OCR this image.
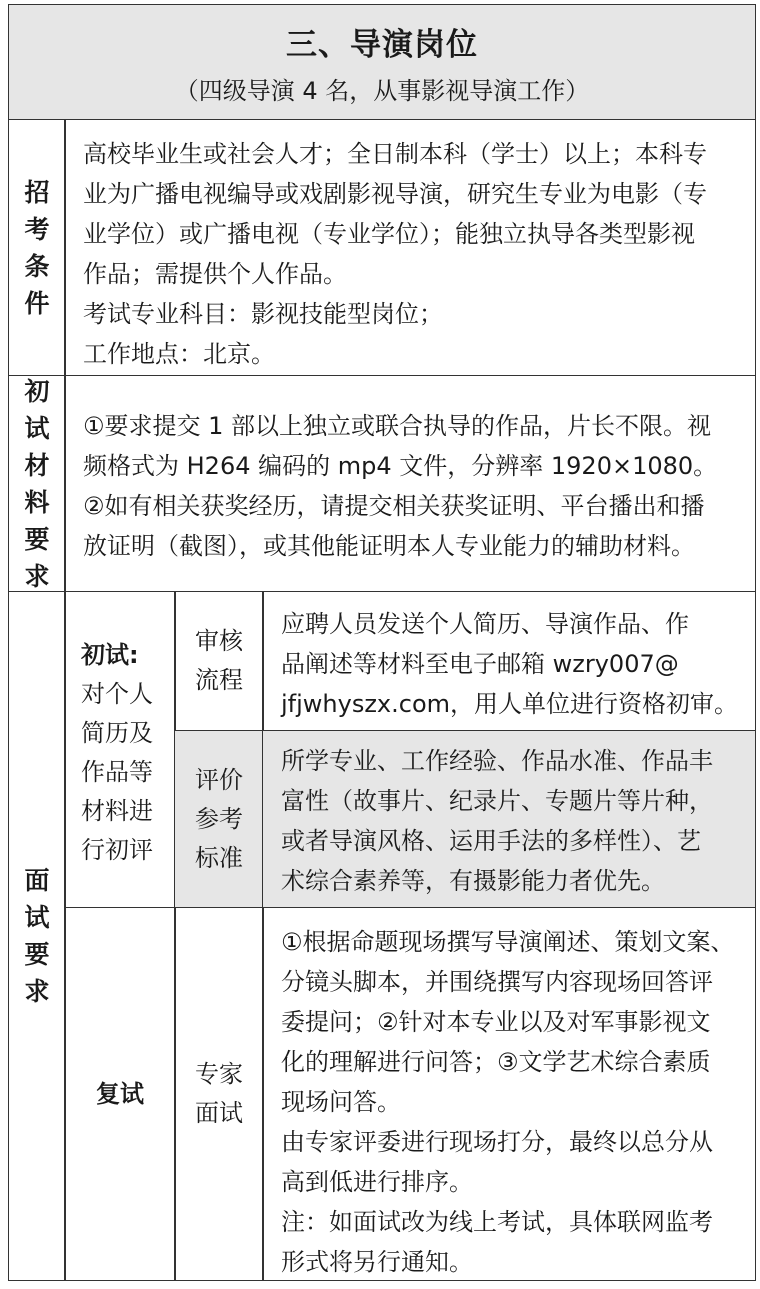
三、导演岗位
（四级导演 4 名，从事影视导演工作）
招考条件

高校毕业生或社会人才；全日制本科（学士）以上；本科专

业为广播电视编导或戏剧影视导演，研究生专业为电影（专

业学位）或广播电视（专业学位）；能独立执导各类型影视

作品；需提供个人作品。

考试专业科目：影视技能型岗位；

工作地点：北京。

初试材料要求

①要求提交 1 部以上独立或联合执导的作品，片长不限。视

频格式为 H264 编码的 mp4 文件，分辨率 1920×1080。

②如有相关获奖经历，请提交相关获奖证明、平台播出和播

放证明（截图），或其他能证明本人专业能力的辅助材料。

面试要求

初试:

对个人

简历及

作品等

材料进

行初评

审核

流程

应聘人员发送个人简历、导演作品、作

品阐述等材料至电子邮箱 wzry007@

jfjwhyszx.com，用人单位进行资格初审。

评价

参考

标准

所学专业、工作经验、作品水准、作品丰

富性（故事片、纪录片、专题片等片种，

或者导演风格、运用手法的多样性）、艺

术综合素养等，有摄影能力者优先。

复试

专家

面试

①根据命题现场撰写导演阐述、策划文案、

分镜头脚本，并围绕撰写内容现场回答评

委提问；②针对本专业以及对军事影视文

化的理解进行问答；③文学艺术综合素质

现场问答。

由专家评委进行现场打分，最终以总分从

高到低进行排序。

注：如面试改为线上考试，具体联网监考

形式将另行通知。
